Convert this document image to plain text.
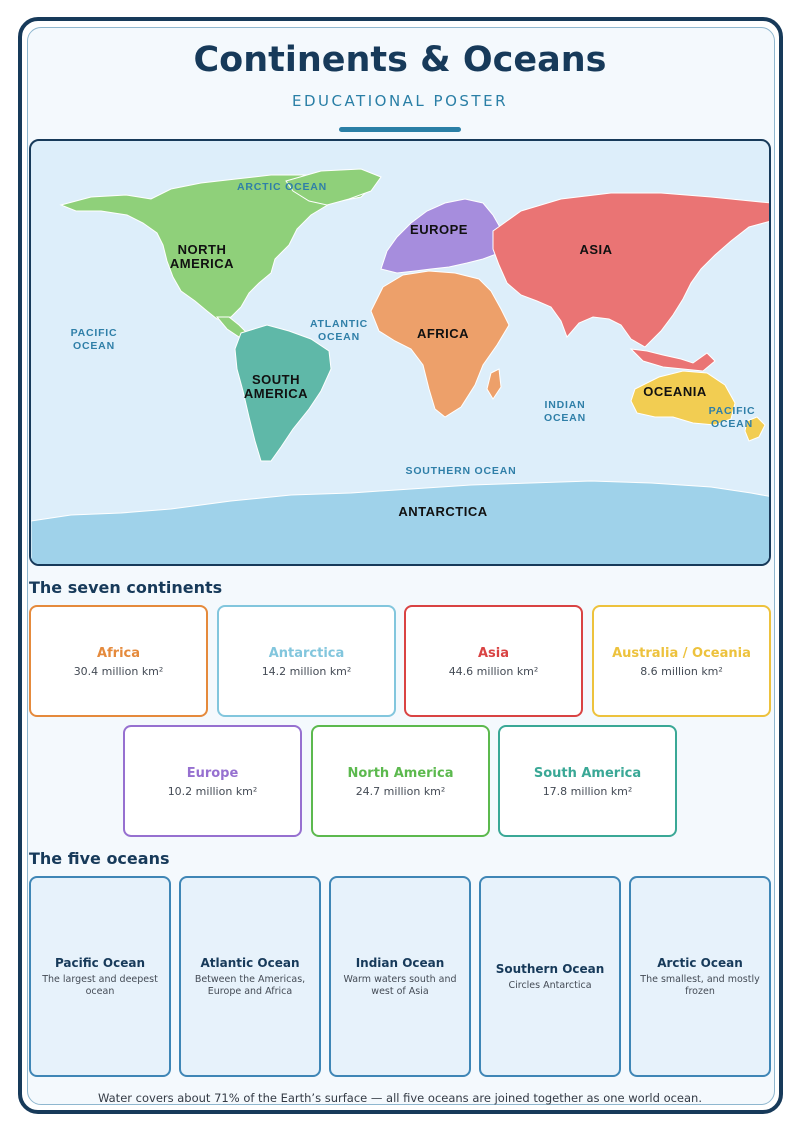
Continents & Oceans
EDUCATIONAL POSTER
NORTH
AMERICA
SOUTH
AMERICA
EUROPE
AFRICA
ASIA
OCEANIA
ANTARCTICA
ARCTIC OCEAN
PACIFIC
OCEAN
ATLANTIC
OCEAN
INDIAN
OCEAN
PACIFIC
OCEAN
SOUTHERN OCEAN
The seven continents
Africa
30.4 million km²
Antarctica
14.2 million km²
Asia
44.6 million km²
Australia / Oceania
8.6 million km²
Europe
10.2 million km²
North America
24.7 million km²
South America
17.8 million km²
The five oceans
Pacific Ocean
The largest and deepest ocean
Atlantic Ocean
Between the Americas, Europe and Africa
Indian Ocean
Warm waters south and west of Asia
Southern Ocean
Circles Antarctica
Arctic Ocean
The smallest, and mostly frozen
Water covers about 71% of the Earth’s surface — all five oceans are joined together as one world ocean.
